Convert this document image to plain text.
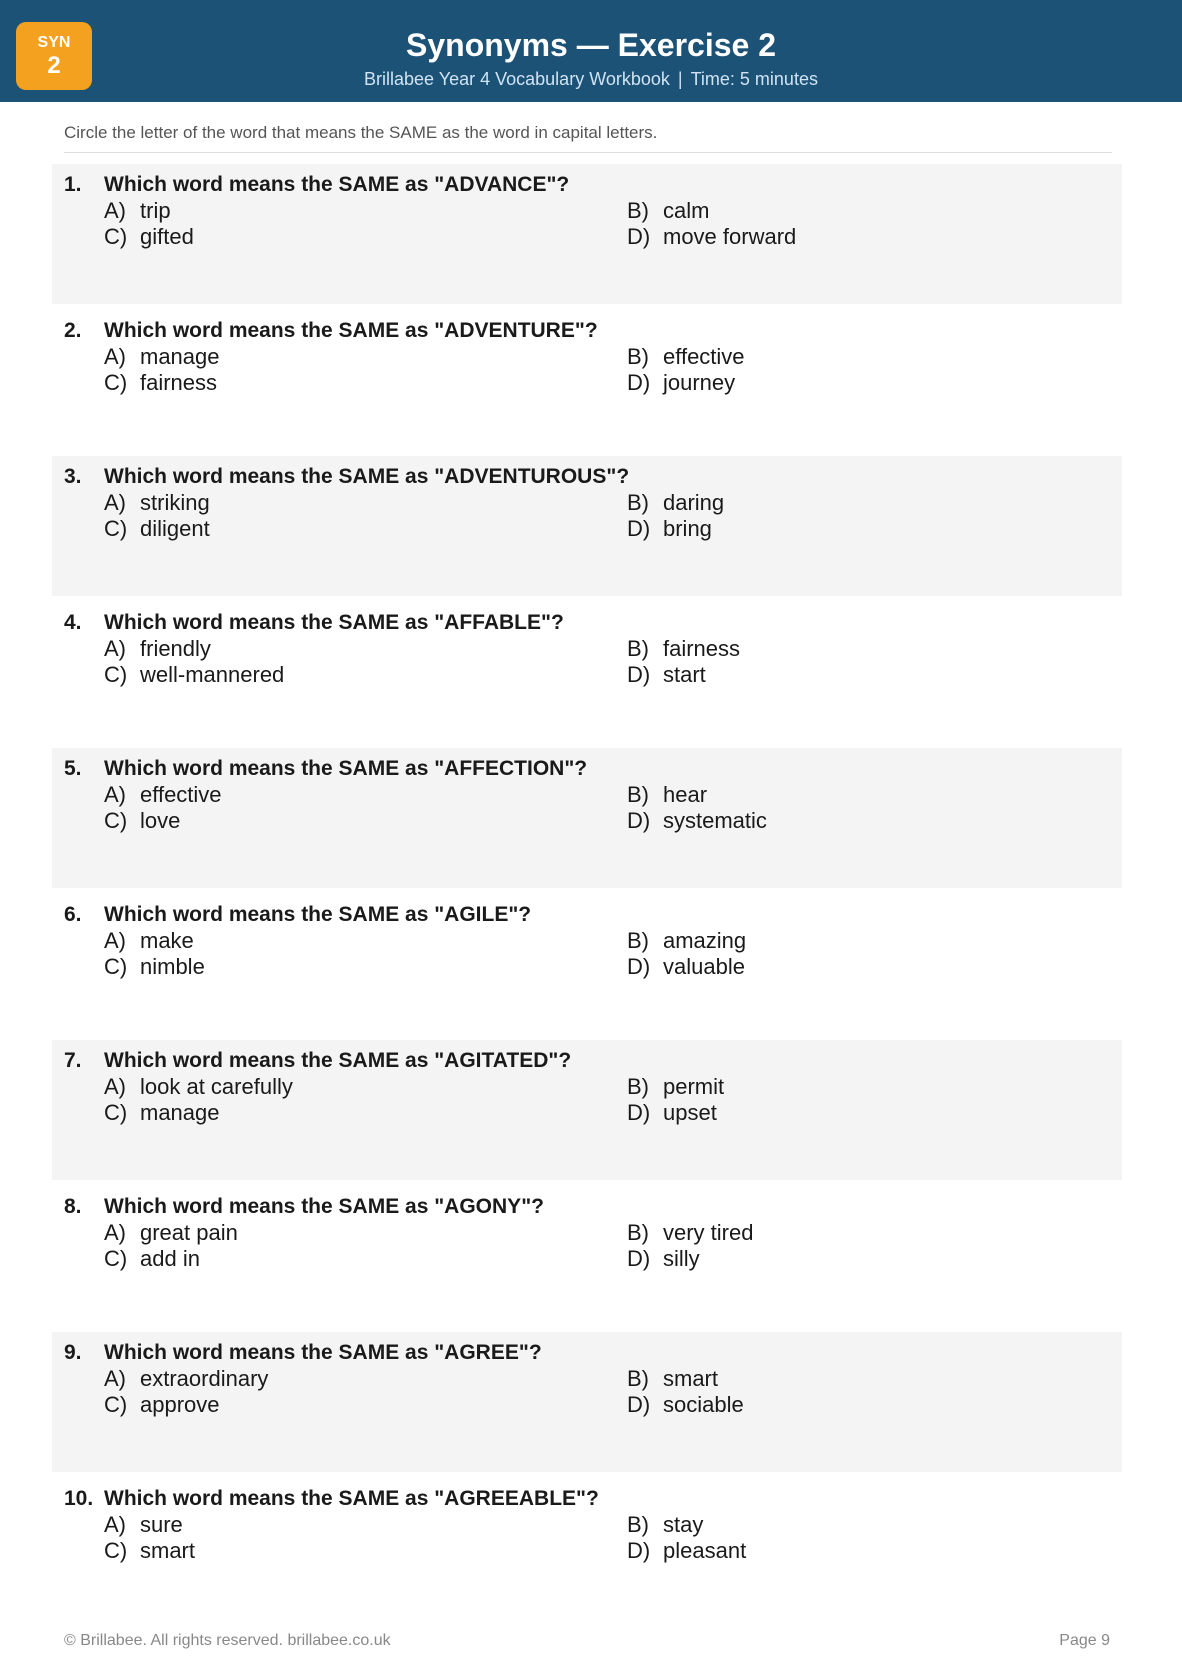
SYN
2
Synonyms — Exercise 2
Brillabee Year 4 Vocabulary Workbook | Time: 5 minutes
Circle the letter of the word that means the SAME as the word in capital letters.
1. Which word means the SAME as "ADVANCE"?
A) trip	B) calm
C) gifted	D) move forward
2. Which word means the SAME as "ADVENTURE"?
A) manage	B) effective
C) fairness	D) journey
3. Which word means the SAME as "ADVENTUROUS"?
A) striking	B) daring
C) diligent	D) bring
4. Which word means the SAME as "AFFABLE"?
A) friendly	B) fairness
C) well-mannered	D) start
5. Which word means the SAME as "AFFECTION"?
A) effective	B) hear
C) love	D) systematic
6. Which word means the SAME as "AGILE"?
A) make	B) amazing
C) nimble	D) valuable
7. Which word means the SAME as "AGITATED"?
A) look at carefully	B) permit
C) manage	D) upset
8. Which word means the SAME as "AGONY"?
A) great pain	B) very tired
C) add in	D) silly
9. Which word means the SAME as "AGREE"?
A) extraordinary	B) smart
C) approve	D) sociable
10. Which word means the SAME as "AGREEABLE"?
A) sure	B) stay
C) smart	D) pleasant
© Brillabee. All rights reserved. brillabee.co.uk	Page 9
